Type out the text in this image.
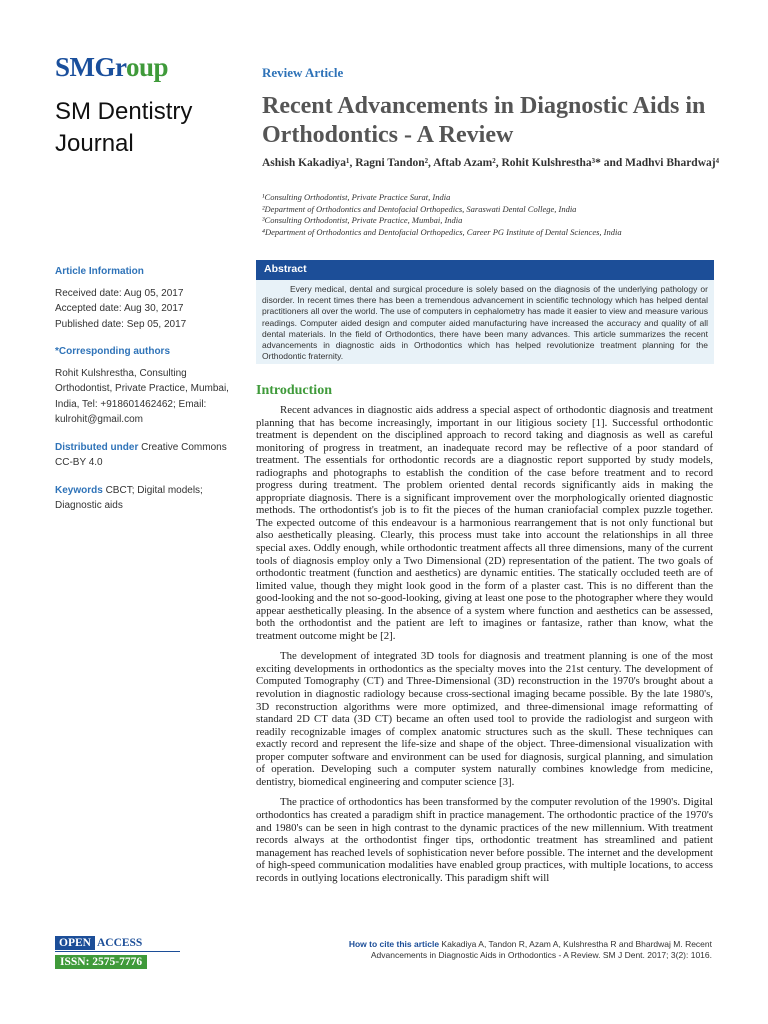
SMGroup
SM Dentistry Journal
Review Article
Recent Advancements in Diagnostic Aids in Orthodontics - A Review
Ashish Kakadiya¹, Ragni Tandon², Aftab Azam², Rohit Kulshrestha³* and Madhvi Bhardwaj⁴
¹Consulting Orthodontist, Private Practice Surat, India
²Department of Orthodontics and Dentofacial Orthopedics, Saraswati Dental College, India
³Consulting Orthodontist, Private Practice, Mumbai, India
⁴Department of Orthodontics and Dentofacial Orthopedics, Career PG Institute of Dental Sciences, India
Article Information
Received date: Aug 05, 2017
Accepted date: Aug 30, 2017
Published date: Sep 05, 2017
*Corresponding authors
Rohit Kulshrestha, Consulting Orthodontist, Private Practice, Mumbai, India, Tel: +918601462462; Email: kulrohit@gmail.com
Distributed under Creative Commons CC-BY 4.0
Keywords CBCT; Digital models; Diagnostic aids
Abstract
Every medical, dental and surgical procedure is solely based on the diagnosis of the underlying pathology or disorder. In recent times there has been a tremendous advancement in scientific technology which has helped dental practitioners all over the world. The use of computers in cephalometry has made it easier to view and measure various readings. Computer aided design and computer aided manufacturing have increased the accuracy and quality of all dental materials. In the field of Orthodontics, there have been many advances. This article summarizes the recent advancements in diagnostic aids in Orthodontics which has helped revolutionize treatment planning for the Orthodontic fraternity.
Introduction

Recent advances in diagnostic aids address a special aspect of orthodontic diagnosis and treatment planning that has become increasingly, important in our litigious society [1]. Successful orthodontic treatment is dependent on the disciplined approach to record taking and diagnosis as well as careful monitoring of progress in treatment, an inadequate record may be reflective of a poor standard of treatment. The essentials for orthodontic records are a diagnostic report supported by study models, radiographs and photographs to establish the condition of the case before treatment and to record progress during treatment. The problem oriented dental records significantly aids in making the appropriate diagnosis. There is a significant improvement over the morphologically oriented diagnostic methods. The orthodontist's job is to fit the pieces of the human craniofacial complex puzzle together. The expected outcome of this endeavour is a harmonious rearrangement that is not only functional but also aesthetically pleasing. Clearly, this process must take into account the relationships in all three special axes. Oddly enough, while orthodontic treatment affects all three dimensions, many of the current tools of diagnosis employ only a Two Dimensional (2D) representation of the patient. The two goals of orthodontic treatment (function and aesthetics) are dynamic entities. The statically occluded teeth are of limited value, though they might look good in the form of a plaster cast. This is no different than the good-looking and the not so-good-looking, giving at least one pose to the photographer where they would appear aesthetically pleasing. In the absence of a system where function and aesthetics can be assessed, both the orthodontist and the patient are left to imagines or fantasize, rather than know, what the treatment outcome might be [2].

The development of integrated 3D tools for diagnosis and treatment planning is one of the most exciting developments in orthodontics as the specialty moves into the 21st century. The development of Computed Tomography (CT) and Three-Dimensional (3D) reconstruction in the 1970's brought about a revolution in diagnostic radiology because cross-sectional imaging became possible. By the late 1980's, 3D reconstruction algorithms were more optimized, and three-dimensional image reformatting of standard 2D CT data (3D CT) became an often used tool to provide the radiologist and surgeon with readily recognizable images of complex anatomic structures such as the skull. These techniques can exactly record and represent the life-size and shape of the object. Three-dimensional visualization with proper computer software and environment can be used for diagnosis, surgical planning, and simulation of operation. Developing such a computer system naturally combines knowledge from medicine, dentistry, biomedical engineering and computer science [3].

The practice of orthodontics has been transformed by the computer revolution of the 1990's. Digital orthodontics has created a paradigm shift in practice management. The orthodontic practice of the 1970's and 1980's can be seen in high contrast to the dynamic practices of the new millennium. With treatment records always at the orthodontist finger tips, orthodontic treatment has streamlined and patient management has reached levels of sophistication never before possible. The internet and the development of high-speed communication modalities have enabled group practices, with multiple locations, to access records in outlying locations electronically. This paradigm shift will

OPEN ACCESS
ISSN: 2575-7776
How to cite this article Kakadiya A, Tandon R, Azam A, Kulshrestha R and Bhardwaj M. Recent Advancements in Diagnostic Aids in Orthodontics - A Review. SM J Dent. 2017; 3(2): 1016.
